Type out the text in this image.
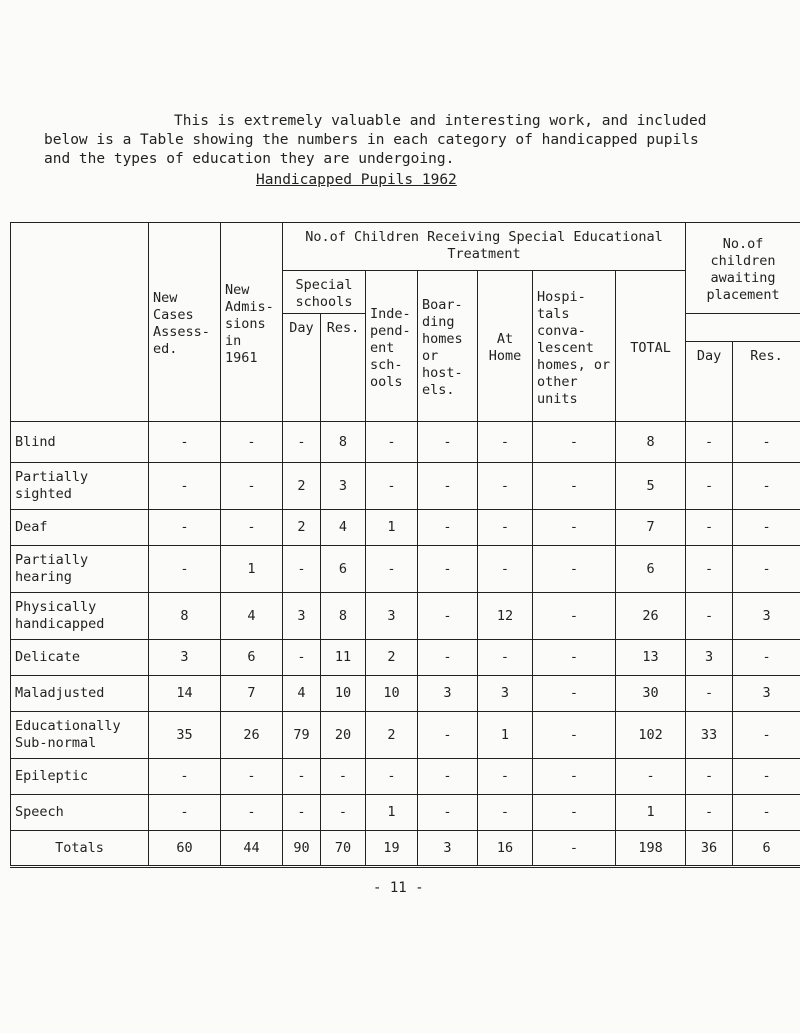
This is extremely valuable and interesting work, and included
below is a Table showing the numbers in each category of handicapped pupils
and the types of education they are undergoing.

Handicapped Pupils 1962
	New Cases Assess- ed.	New Admis- sions in 1961	No.of Children Receiving Special Educational Treatment							No.of children awaiting placement	
			Special schools		Inde- pend- ent sch- ools	Boar- ding homes or host- els.	At Home	Hospi- tals conva- lescent homes, or other units	TOTAL		
			Day	Res.							
										Day	Res.
Blind	-	-	-	8	-	-	-	-	8	-	-
Partially sighted	-	-	2	3	-	-	-	-	5	-	-
Deaf	-	-	2	4	1	-	-	-	7	-	-
Partially hearing	-	1	-	6	-	-	-	-	6	-	-
Physically handicapped	8	4	3	8	3	-	12	-	26	-	3
Delicate	3	6	-	11	2	-	-	-	13	3	-
Maladjusted	14	7	4	10	10	3	3	-	30	-	3
Educationally Sub-normal	35	26	79	20	2	-	1	-	102	33	-
Epileptic	-	-	-	-	-	-	-	-	-	-	-
Speech	-	-	-	-	1	-	-	-	1	-	-
Totals	60	44	90	70	19	3	16	-	198	36	6
- 11 -
